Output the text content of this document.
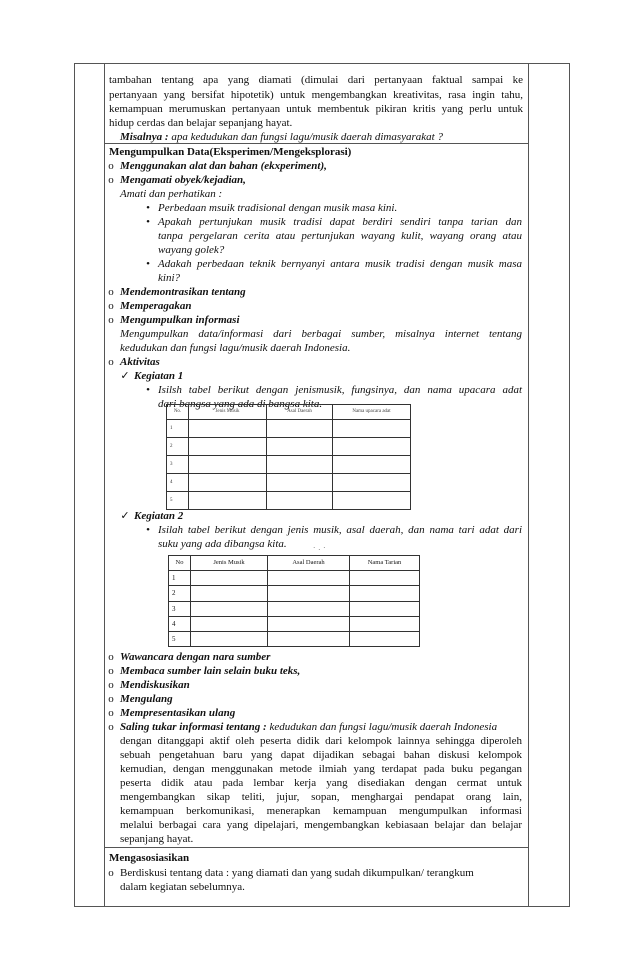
tambahan tentang apa yang diamati (dimulai dari pertanyaan faktual sampai ke
pertanyaan yang bersifat hipotetik) untuk mengembangkan kreativitas, rasa ingin tahu,
kemampuan merumuskan pertanyaan untuk membentuk pikiran kritis yang perlu untuk
hidup cerdas dan belajar sepanjang hayat.
Misalnya : apa kedudukan dan fungsi lagu/musik daerah dimasyarakat ?
Mengumpulkan Data(Eksperimen/Mengeksplorasi)
o Menggunakan alat dan bahan (ekxperiment),
o Mengamati obyek/kejadian,
Amati dan perhatikan :
• Perbedaan msuik tradisional dengan musik masa kini.
• Apakah pertunjukan musik tradisi dapat berdiri sendiri tanpa tarian dan
tanpa pergelaran cerita atau pertunjukan wayang kulit, wayang orang atau
wayang golek?
• Adakah perbedaan teknik bernyanyi antara musik tradisi dengan musik masa
kini?
o Mendemontrasikan tentang
o Memperagakan
o Mengumpulkan informasi
Mengumpulkan data/informasi dari berbagai sumber, misalnya internet tentang
kedudukan dan fungsi lagu/musik daerah Indonesia.
o Aktivitas
✓ Kegiatan 1
• Isilsh tabel berikut dengan jenismusik, fungsinya, dan nama upacara adat
dari bangsa yang ada di bangsa kita.
No.	Jenis Musik	Asal Daerah	Nama upacara adat
1			
2			
3			
4			
5			
✓ Kegiatan 2
• Isilah tabel berikut dengan jenis musik, asal daerah, dan nama tari adat dari
suku yang ada dibangsa kita.	·.·
No	Jenis Musik	Asal Daerah	Nama Tarian
1			
2			
3			
4			
5			
o Wawancara dengan nara sumber
o Membaca sumber lain selain buku teks,
o Mendiskusikan
o Mengulang
o Mempresentasikan ulang
o Saling tukar informasi tentang : kedudukan dan fungsi lagu/musik daerah Indonesia
dengan ditanggapi aktif oleh peserta didik dari kelompok lainnya sehingga diperoleh
sebuah pengetahuan baru yang dapat dijadikan sebagai bahan diskusi kelompok
kemudian, dengan menggunakan metode ilmiah yang terdapat pada buku pegangan
peserta didik atau pada lembar kerja yang disediakan dengan cermat untuk
mengembangkan sikap teliti, jujur, sopan, menghargai pendapat orang lain,
kemampuan berkomunikasi, menerapkan kemampuan mengumpulkan informasi
melalui berbagai cara yang dipelajari, mengembangkan kebiasaan belajar dan belajar
sepanjang hayat.
Mengasosiasikan
o Berdiskusi tentang data : yang diamati dan yang sudah dikumpulkan/ terangkum
dalam kegiatan sebelumnya.
